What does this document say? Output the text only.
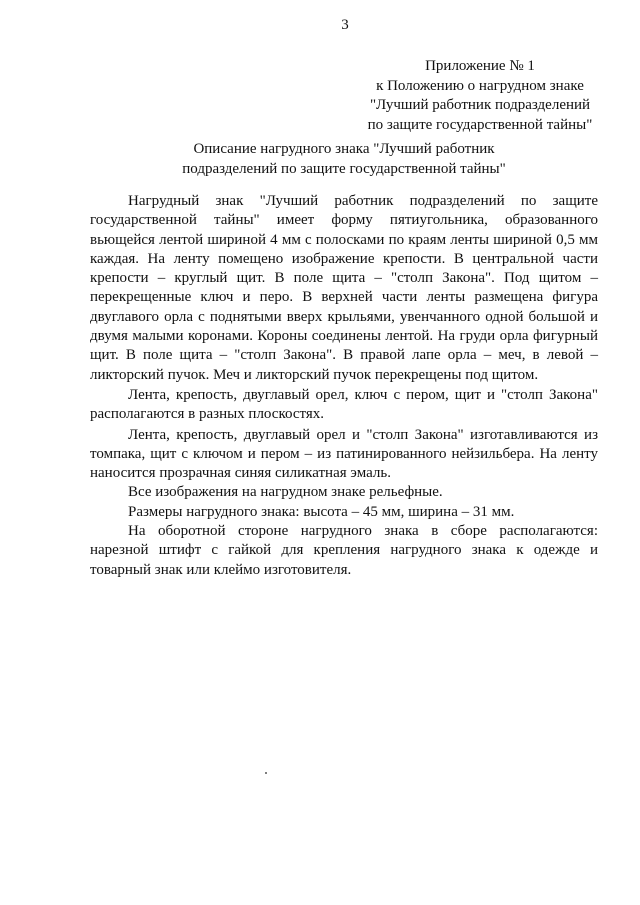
3
Приложение № 1
к Положению о нагрудном знаке
"Лучший работник подразделений
по защите государственной тайны"
Описание нагрудного знака "Лучший работник
подразделений по защите государственной тайны"

Нагрудный знак "Лучший работник подразделений по защите государственной тайны" имеет форму пятиугольника, образованного вьющейся лентой шириной 4 мм с полосками по краям ленты шириной 0,5 мм каждая. На ленту помещено изображение крепости. В центральной части крепости – круглый щит. В поле щита – "столп Закона". Под щитом – перекрещенные ключ и перо. В верхней части ленты размещена фигура двуглавого орла с поднятыми вверх крыльями, увенчанного одной большой и двумя малыми коронами. Короны соединены лентой. На груди орла фигурный щит. В поле щита – "столп Закона". В правой лапе орла – меч, в левой – ликторский пучок. Меч и ликторский пучок перекрещены под щитом.

Лента, крепость, двуглавый орел, ключ с пером, щит и "столп Закона" располагаются в разных плоскостях.

Лента, крепость, двуглавый орел и "столп Закона" изготавливаются из томпака, щит с ключом и пером – из патинированного нейзильбера. На ленту наносится прозрачная синяя силикатная эмаль.

Все изображения на нагрудном знаке рельефные.

Размеры нагрудного знака: высота – 45 мм, ширина – 31 мм.

На оборотной стороне нагрудного знака в сборе располагаются: нарезной штифт с гайкой для крепления нагрудного знака к одежде и товарный знак или клеймо изготовителя.
